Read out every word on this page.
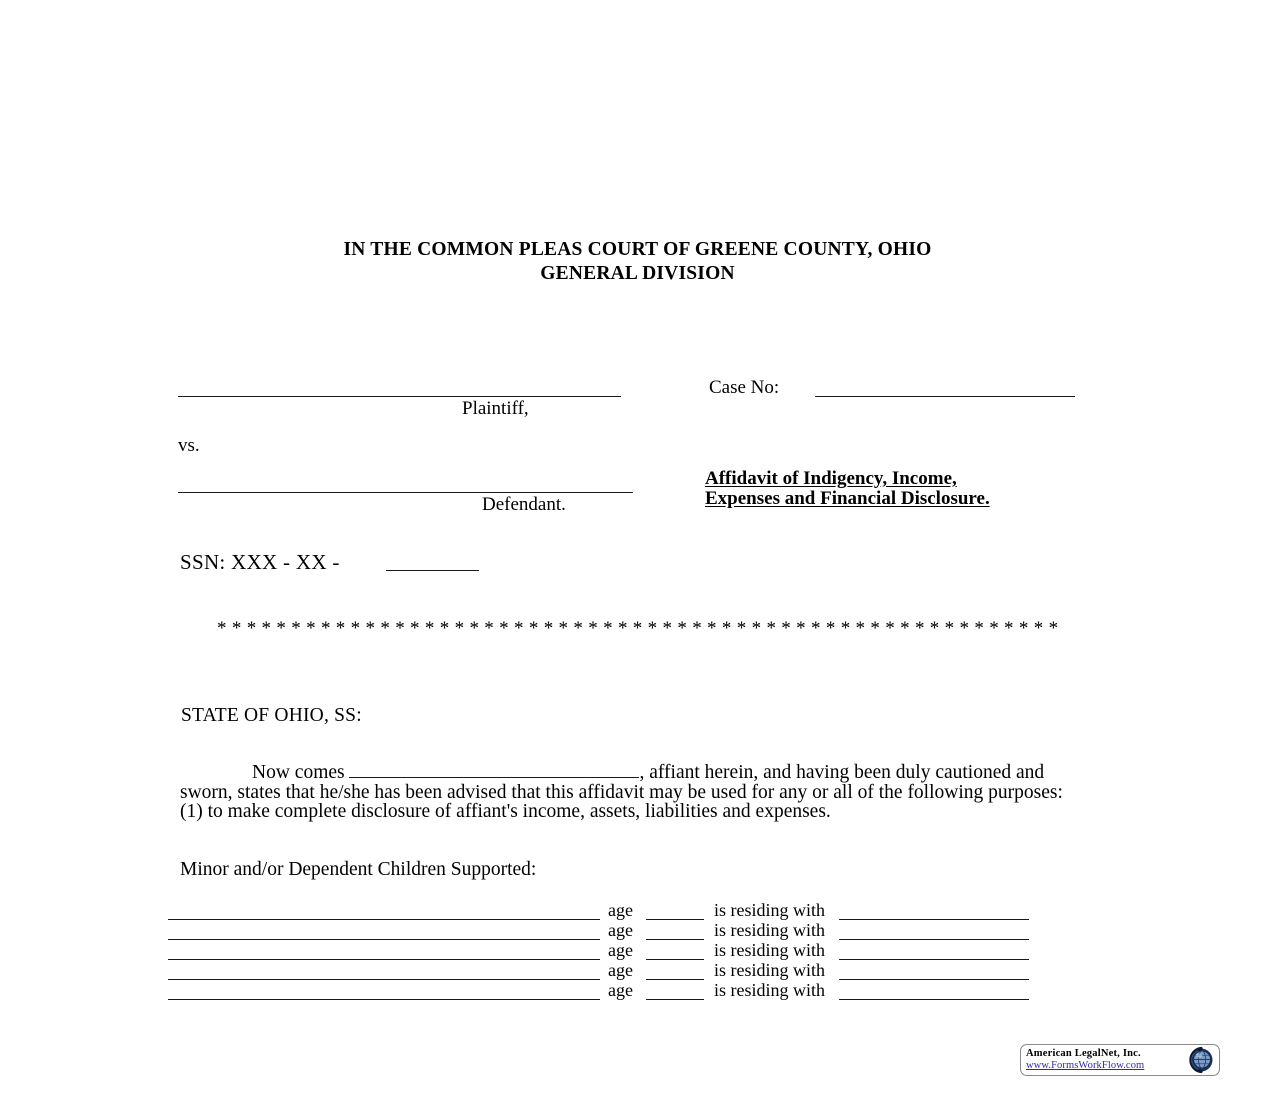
IN THE COMMON PLEAS COURT OF GREENE COUNTY, OHIO
GENERAL DIVISION
Plaintiff,
vs.
Defendant.
Case No:
Affidavit of Indigency, Income,
Expenses and Financial Disclosure.
SSN: XXX - XX -
* * * * * * * * * * * * * * * * * * * * * * * * * * * * * * * * * * * * * * * * * * * * * * * * * * * * * * * * *
STATE OF OHIO, SS:
Now comes	, affiant herein, and having been duly cautioned and sworn, states that he/she has been advised that this affidavit may be used for any or all of the following purposes: (1) to make complete disclosure of affiant's income, assets, liabilities and expenses.
Minor and/or Dependent Children Supported:
age	is residing with
age	is residing with
age	is residing with
age	is residing with
age	is residing with
American LegalNet, Inc.
www.FormsWorkFlow.com
